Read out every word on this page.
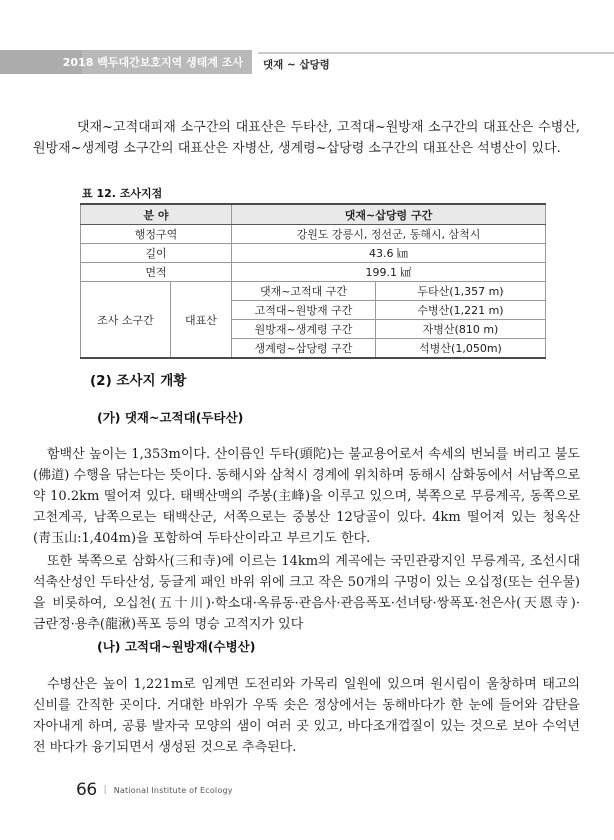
2018 백두대간보호지역 생태계 조사 댓재 ~ 삽당령

댓재~고적대피재 소구간의 대표산은 두타산, 고적대~원방재 소구간의 대표산은 수병산, 원방재~생계령 소구간의 대표산은 자병산, 생계령~삽당령 소구간의 대표산은 석병산이 있다.

표 12. 조사지점
분 야		댓재~삽당령 구간	
행정구역		강원도 강릉시, 정선군, 동해시, 삼척시	
길이		43.6 ㎞	
면적		199.1 ㎢	
조사 소구간	대표산	댓재~고적대 구간	두타산(1,357 m)
		고적대~원방재 구간	수병산(1,221 m)
		원방재~생계령 구간	자병산(810 m)
		생계령~삽당령 구간	석병산(1,050m)
(2) 조사지 개황
(가) 댓재~고적대(두타산)

함백산 높이는 1,353m이다. 산이름인 두타(頭陀)는 불교용어로서 속세의 번뇌를 버리고 불도(佛道) 수행을 닦는다는 뜻이다. 동해시와 삼척시 경계에 위치하며 동해시 삼화동에서 서남쪽으로 약 10.2km 떨어져 있다. 태백산맥의 주봉(主峰)을 이루고 있으며, 북쪽으로 무릉계곡, 동쪽으로 고천계곡, 남쪽으로는 태백산군, 서쪽으로는 중봉산 12당골이 있다. 4km 떨어져 있는 청옥산(靑玉山:1,404m)을 포함하여 두타산이라고 부르기도 한다.

또한 북쪽으로 삼화사(三和寺)에 이르는 14km의 계곡에는 국민관광지인 무릉계곡, 조선시대 석축산성인 두타산성, 둥글게 패인 바위 위에 크고 작은 50개의 구멍이 있는 오십정(또는 쉰우물)을 비롯하여, 오십천(五十川)·학소대·옥류동·관음사·관음폭포·선녀탕·쌍폭포·천은사(天恩寺)·금란정·용추(龍湫)폭포 등의 명승 고적지가 있다

(나) 고적대~원방재(수병산)

수병산은 높이 1,221m로 임계면 도전리와 가목리 일원에 있으며 원시림이 울창하며 태고의 신비를 간직한 곳이다. 거대한 바위가 우뚝 솟은 정상에서는 동해바다가 한 눈에 들어와 감탄을 자아내게 하며, 공룡 발자국 모양의 샘이 여러 곳 있고, 바다조개껍질이 있는 것으로 보아 수억년 전 바다가 융기되면서 생성된 것으로 추측된다.

66 | National Institute of Ecology
